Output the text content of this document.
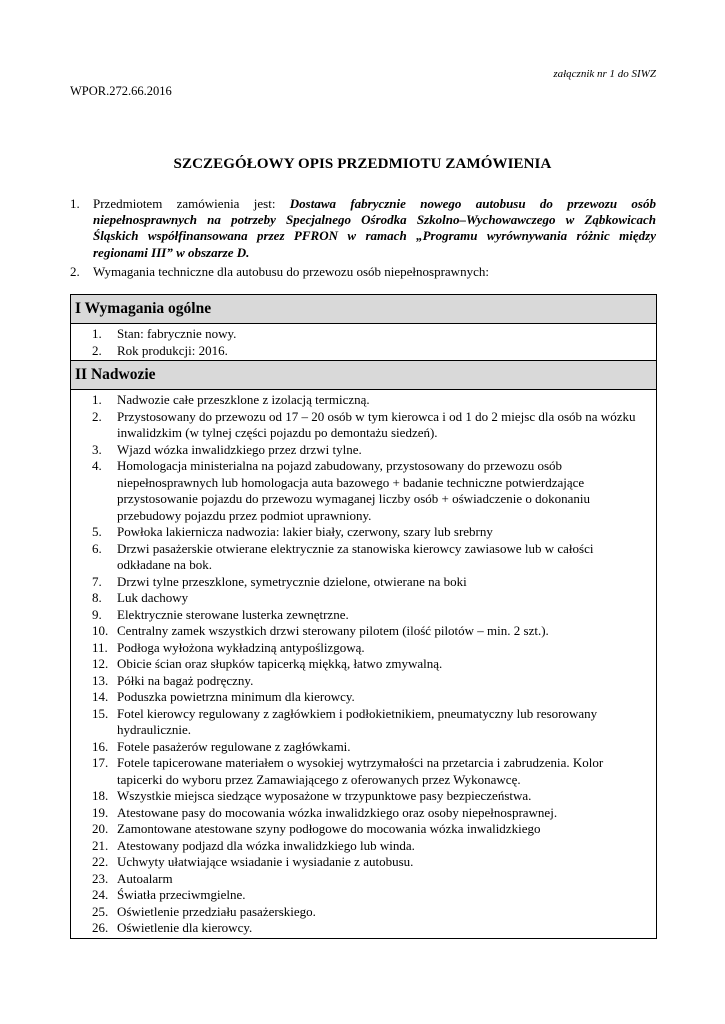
załącznik nr 1 do SIWZ
WPOR.272.66.2016
SZCZEGÓŁOWY OPIS PRZEDMIOTU ZAMÓWIENIA
1.	Przedmiotem zamówienia jest: Dostawa fabrycznie nowego autobusu do przewozu osób niepełnosprawnych na potrzeby Specjalnego Ośrodka Szkolno–Wychowawczego w Ząbkowicach Śląskich współfinansowana przez PFRON w ramach „Programu wyrównywania różnic między regionami III” w obszarze D.
2.	Wymagania techniczne dla autobusu do przewozu osób niepełnosprawnych:
I Wymagania ogólne
1.	Stan: fabrycznie nowy.
2.	Rok produkcji: 2016.
II Nadwozie
1.	Nadwozie całe przeszklone z izolacją termiczną.
2.	Przystosowany do przewozu od 17 – 20 osób w tym kierowca i od 1 do 2 miejsc dla osób na wózku inwalidzkim (w tylnej części pojazdu po demontażu siedzeń).
3.	Wjazd wózka inwalidzkiego przez drzwi tylne.
4.	Homologacja ministerialna na pojazd zabudowany, przystosowany do przewozu osób niepełnosprawnych lub homologacja auta bazowego + badanie techniczne potwierdzające przystosowanie pojazdu do przewozu wymaganej liczby osób + oświadczenie o dokonaniu przebudowy pojazdu przez podmiot uprawniony.
5.	Powłoka lakiernicza nadwozia: lakier biały, czerwony, szary lub srebrny
6.	Drzwi pasażerskie otwierane elektrycznie za stanowiska kierowcy zawiasowe lub w całości odkładane na bok.
7.	Drzwi tylne przeszklone, symetrycznie dzielone, otwierane na boki
8.	Luk dachowy
9.	Elektrycznie sterowane lusterka zewnętrzne.
10. Centralny zamek wszystkich drzwi sterowany pilotem (ilość pilotów – min. 2 szt.).
11. Podłoga wyłożona wykładziną antypoślizgową.
12. Obicie ścian oraz słupków tapicerką miękką, łatwo zmywalną.
13. Półki na bagaż podręczny.
14. Poduszka powietrzna minimum dla kierowcy.
15. Fotel kierowcy regulowany z zagłówkiem i podłokietnikiem, pneumatyczny lub resorowany hydraulicznie.
16. Fotele pasażerów regulowane z zagłówkami.
17. Fotele tapicerowane materiałem o wysokiej wytrzymałości na przetarcia i zabrudzenia. Kolor tapicerki do wyboru przez Zamawiającego z oferowanych przez Wykonawcę.
18. Wszystkie miejsca siedzące wyposażone w trzypunktowe pasy bezpieczeństwa.
19. Atestowane pasy do mocowania wózka inwalidzkiego oraz osoby niepełnosprawnej.
20. Zamontowane atestowane szyny podłogowe do mocowania wózka inwalidzkiego
21. Atestowany podjazd dla wózka inwalidzkiego lub winda.
22. Uchwyty ułatwiające wsiadanie i wysiadanie z autobusu.
23. Autoalarm
24. Światła przeciwmgielne.
25. Oświetlenie przedziału pasażerskiego.
26. Oświetlenie dla kierowcy.
